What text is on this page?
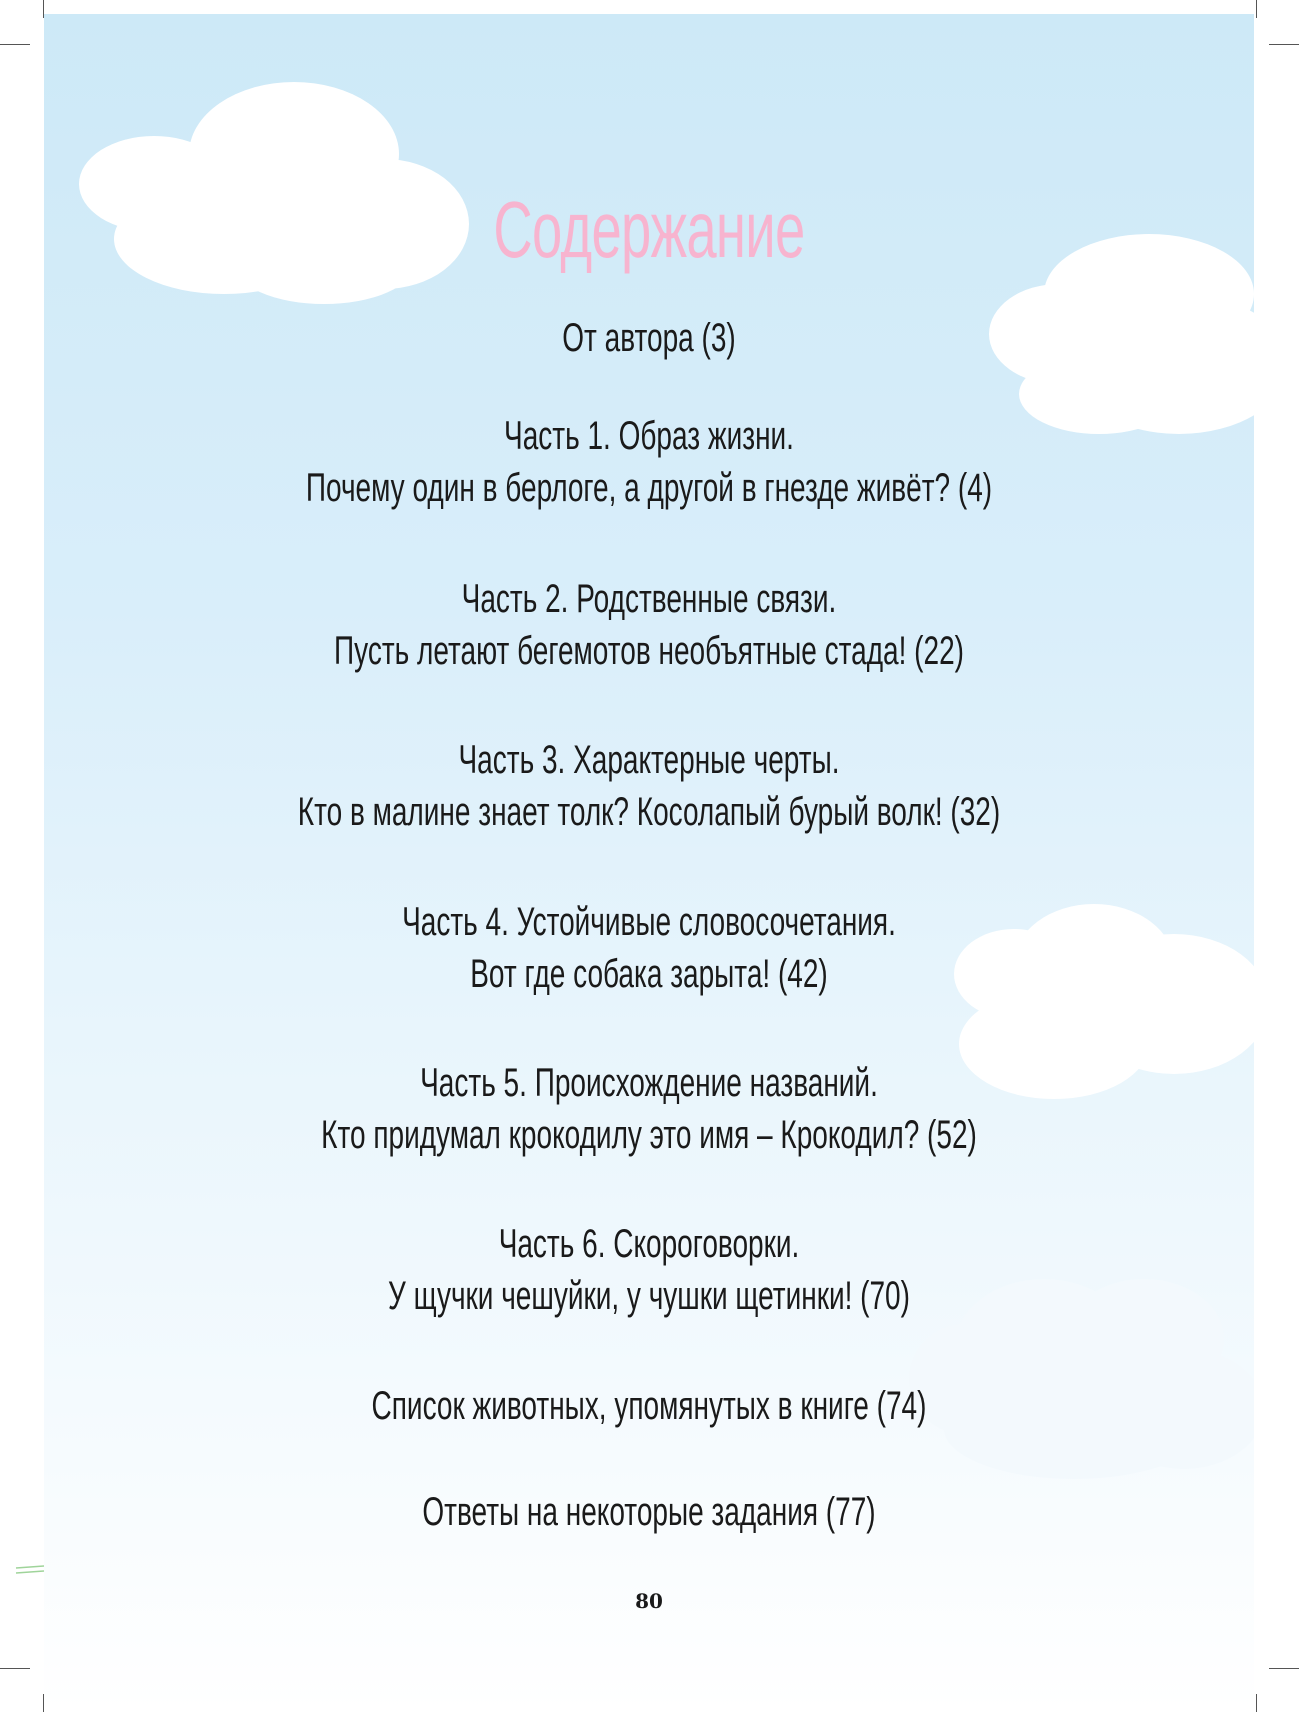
Содержание
От автора (3)
Часть 1. Образ жизни.
Почему один в берлоге, а другой в гнезде живёт? (4)
Часть 2. Родственные связи.
Пусть летают бегемотов необъятные стада! (22)
Часть 3. Характерные черты.
Кто в малине знает толк? Косолапый бурый волк! (32)
Часть 4. Устойчивые словосочетания.
Вот где собака зарыта! (42)
Часть 5. Происхождение названий.
Кто придумал крокодилу это имя – Крокодил? (52)
Часть 6. Скороговорки.
У щучки чешуйки, у чушки щетинки! (70)
Список животных, упомянутых в книге (74)
Ответы на некоторые задания (77)
80
